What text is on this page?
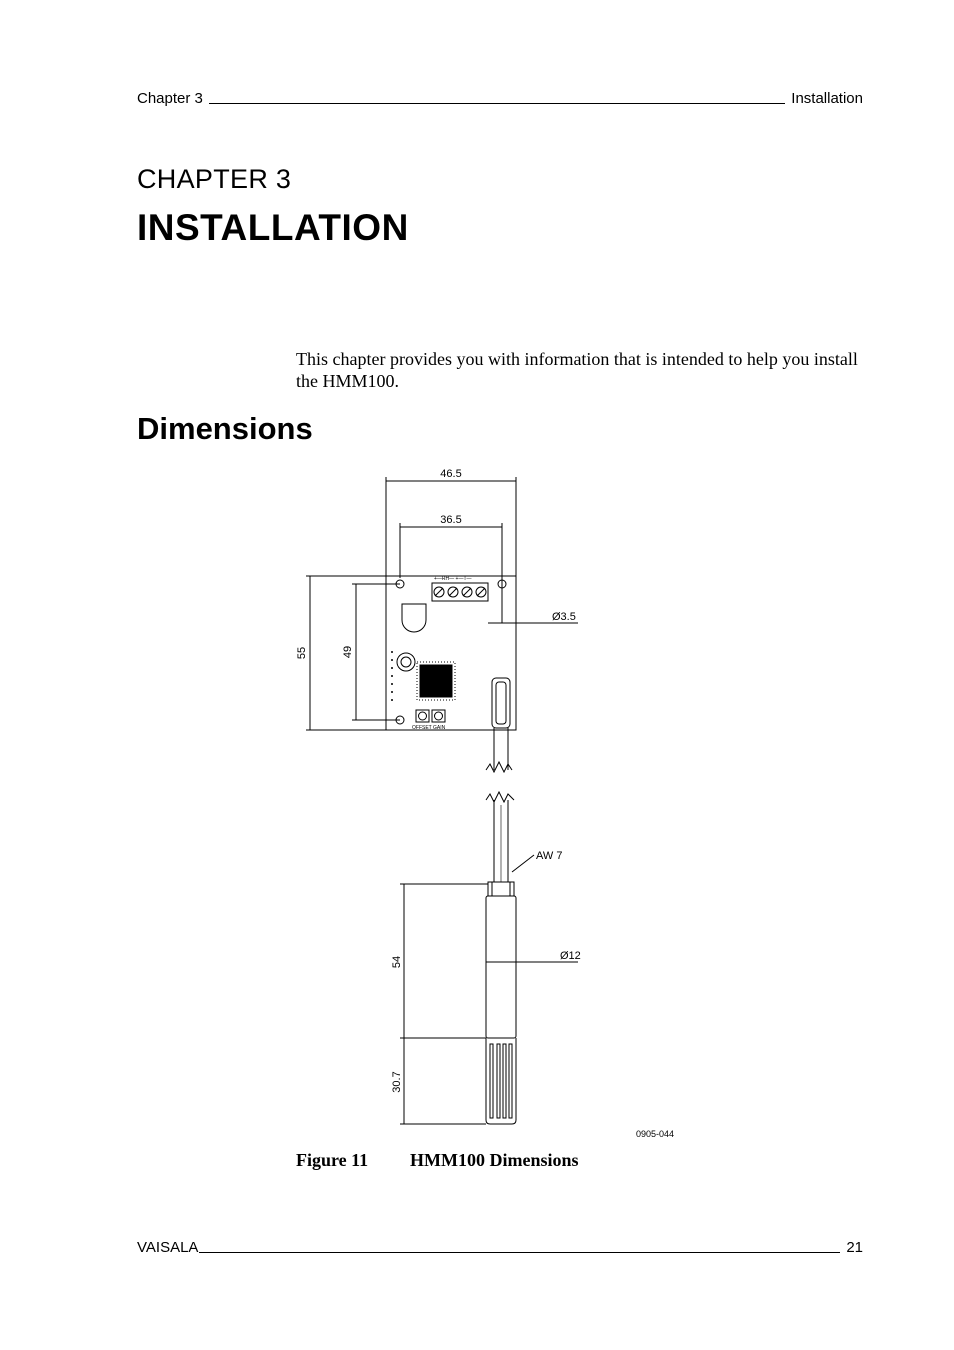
Chapter 3	Installation
CHAPTER 3
INSTALLATION
This chapter provides you with information that is intended to help you install the HMM100.
Dimensions
46.5
36.5
55	49
Ø3.5
+—RH— +—T—
OFFSET GAIN
AW 7
Ø12
54
30.7
0905-044
Figure 11 HMM100 Dimensions
VAISALA	21
